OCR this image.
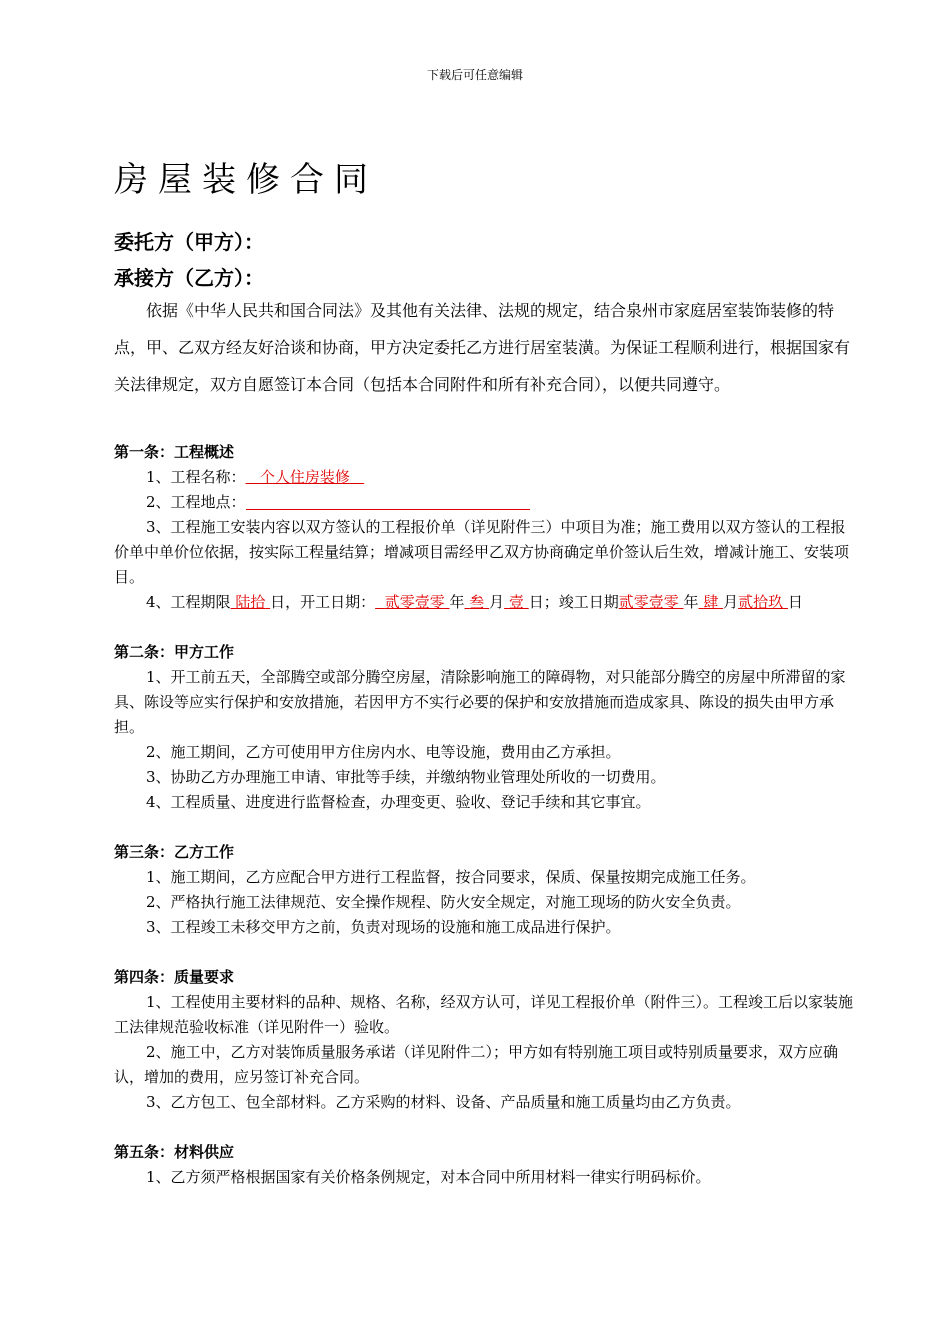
下载后可任意编辑
房屋装修合同

委托方（甲方）：

承接方（乙方）：

依据《中华人民共和国合同法》及其他有关法律、法规的规定，结合泉州市家庭居室装饰装修的特点，甲、乙双方经友好洽谈和协商，甲方决定委托乙方进行居室装潢。为保证工程顺利进行，根据国家有关法律规定，双方自愿签订本合同（包括本合同附件和所有补充合同），以便共同遵守。

第一条：工程概述

1、工程名称： 个人住房装修

2、工程地点：

3、工程施工安装内容以双方签认的工程报价单（详见附件三）中项目为准；施工费用以双方签认的工程报价单中单价位依据，按实际工程量结算；增减项目需经甲乙双方协商确定单价签认后生效，增减计施工、安装项目。

4、工程期限 陆拾 日，开工日期： 贰零壹零 年 叁 月 壹 日；竣工日期贰零壹零 年 肆 月贰拾玖 日

第二条：甲方工作

1、开工前五天，全部腾空或部分腾空房屋，清除影响施工的障碍物，对只能部分腾空的房屋中所滞留的家具、陈设等应实行保护和安放措施，若因甲方不实行必要的保护和安放措施而造成家具、陈设的损失由甲方承担。

2、施工期间，乙方可使用甲方住房内水、电等设施，费用由乙方承担。

3、协助乙方办理施工申请、审批等手续，并缴纳物业管理处所收的一切费用。

4、工程质量、进度进行监督检查，办理变更、验收、登记手续和其它事宜。

第三条：乙方工作

1、施工期间，乙方应配合甲方进行工程监督，按合同要求，保质、保量按期完成施工任务。

2、严格执行施工法律规范、安全操作规程、防火安全规定，对施工现场的防火安全负责。

3、工程竣工未移交甲方之前，负责对现场的设施和施工成品进行保护。

第四条：质量要求

1、工程使用主要材料的品种、规格、名称，经双方认可，详见工程报价单（附件三）。工程竣工后以家装施工法律规范验收标准（详见附件一）验收。

2、施工中，乙方对装饰质量服务承诺（详见附件二）；甲方如有特别施工项目或特别质量要求，双方应确认，增加的费用，应另签订补充合同。

3、乙方包工、包全部材料。乙方采购的材料、设备、产品质量和施工质量均由乙方负责。

第五条：材料供应

1、乙方须严格根据国家有关价格条例规定，对本合同中所用材料一律实行明码标价。
